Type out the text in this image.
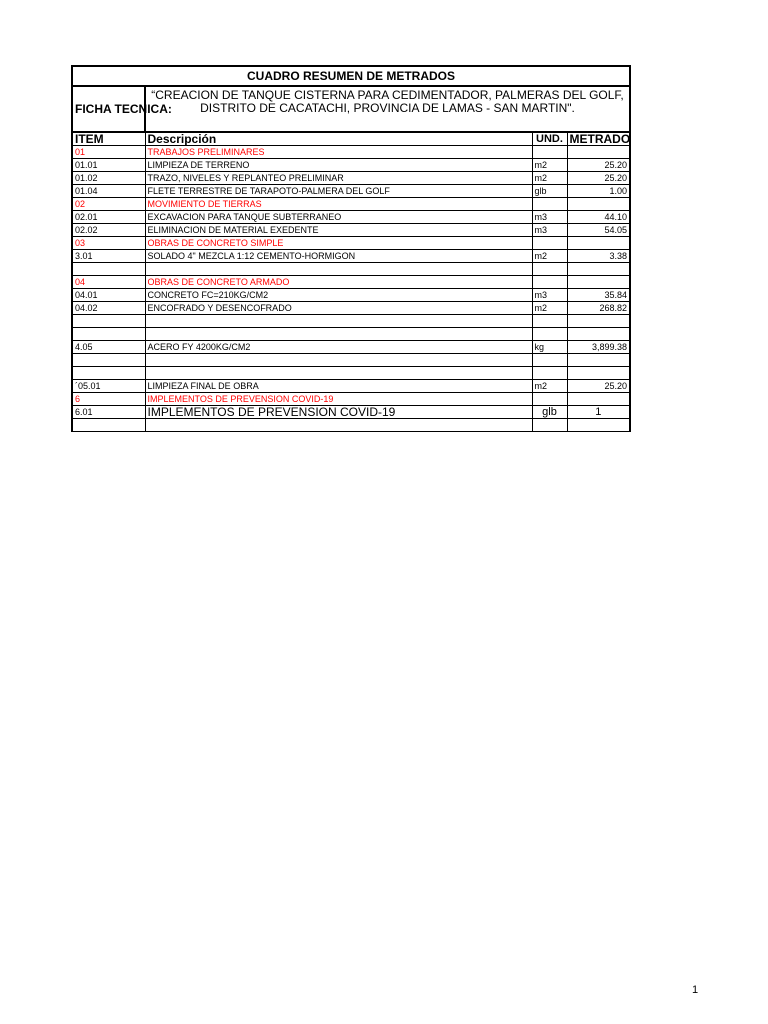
CUADRO RESUMEN DE METRADOS			
FICHA TECNICA:	“CREACION DE TANQUE CISTERNA PARA CEDIMENTADOR, PALMERAS DEL GOLF, DISTRITO DE CACATACHI, PROVINCIA DE LAMAS - SAN MARTIN".		
ITEM	Descripción	UND.	METRADO
01	TRABAJOS PRELIMINARES		
01.01	LIMPIEZA DE TERRENO	m2	25.20
01.02	TRAZO, NIVELES Y REPLANTEO PRELIMINAR	m2	25.20
01.04	FLETE TERRESTRE DE TARAPOTO-PALMERA DEL GOLF	glb	1.00
02	MOVIMIENTO DE TIERRAS		
02.01	EXCAVACION PARA TANQUE SUBTERRANEO	m3	44.10
02.02	ELIMINACION DE MATERIAL EXEDENTE	m3	54.05
03	OBRAS DE CONCRETO SIMPLE		
3.01	SOLADO 4" MEZCLA 1:12 CEMENTO-HORMIGON	m2	3.38

04	OBRAS DE CONCRETO ARMADO		
04.01	CONCRETO FC=210KG/CM2	m3	35.84
04.02	ENCOFRADO Y DESENCOFRADO	m2	268.82

4.05	ACERO FY 4200KG/CM2	kg	3,899.38

´05.01	LIMPIEZA FINAL DE OBRA	m2	25.20
6	IMPLEMENTOS DE PREVENSION COVID-19		
6.01	IMPLEMENTOS DE PREVENSION COVID-19	glb	1

1
